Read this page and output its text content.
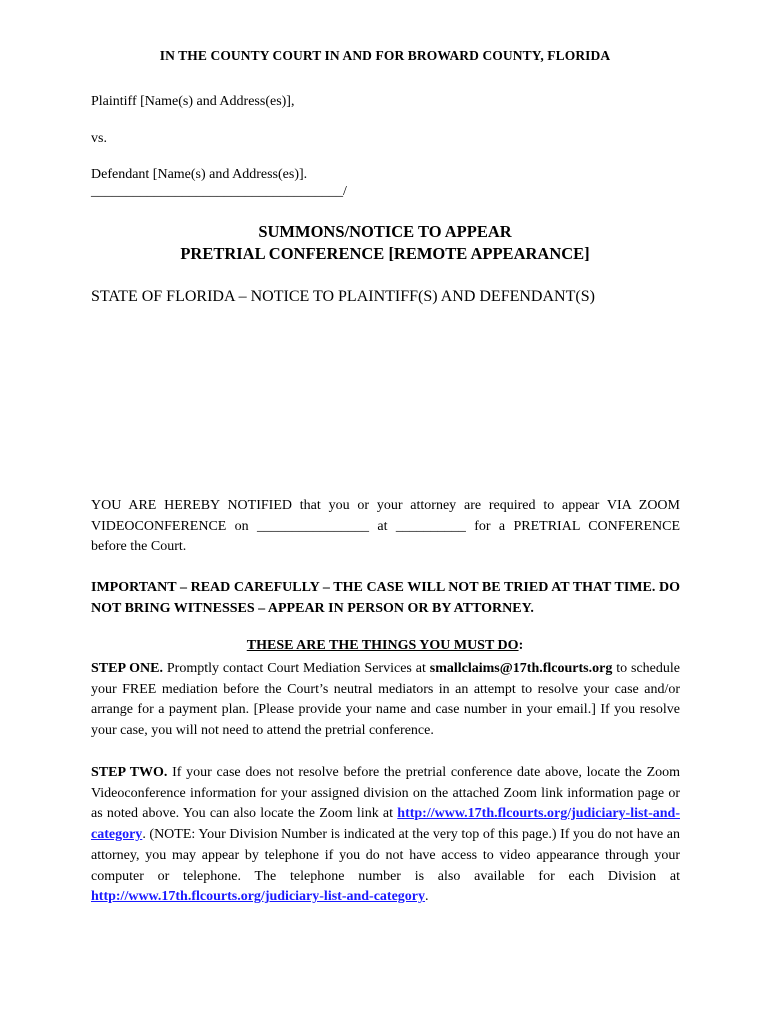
IN THE COUNTY COURT IN AND FOR BROWARD COUNTY, FLORIDA
Plaintiff [Name(s) and Address(es)],
vs.
Defendant [Name(s) and Address(es)].
____________________________________/
SUMMONS/NOTICE TO APPEAR
PRETRIAL CONFERENCE [REMOTE APPEARANCE]
STATE OF FLORIDA – NOTICE TO PLAINTIFF(S) AND DEFENDANT(S)
YOU ARE HEREBY NOTIFIED that you or your attorney are required to appear VIA ZOOM VIDEOCONFERENCE on ________________ at __________ for a PRETRIAL CONFERENCE before the Court.
IMPORTANT – READ CAREFULLY – THE CASE WILL NOT BE TRIED AT THAT TIME. DO NOT BRING WITNESSES – APPEAR IN PERSON OR BY ATTORNEY.
THESE ARE THE THINGS YOU MUST DO:
STEP ONE. Promptly contact Court Mediation Services at smallclaims@17th.flcourts.org to schedule your FREE mediation before the Court’s neutral mediators in an attempt to resolve your case and/or arrange for a payment plan. [Please provide your name and case number in your email.] If you resolve your case, you will not need to attend the pretrial conference.
STEP TWO. If your case does not resolve before the pretrial conference date above, locate the Zoom Videoconference information for your assigned division on the attached Zoom link information page or as noted above. You can also locate the Zoom link at http://www.17th.flcourts.org/judiciary-list-and-category. (NOTE: Your Division Number is indicated at the very top of this page.) If you do not have an attorney, you may appear by telephone if you do not have access to video appearance through your computer or telephone. The telephone number is also available for each Division at http://www.17th.flcourts.org/judiciary-list-and-category.
